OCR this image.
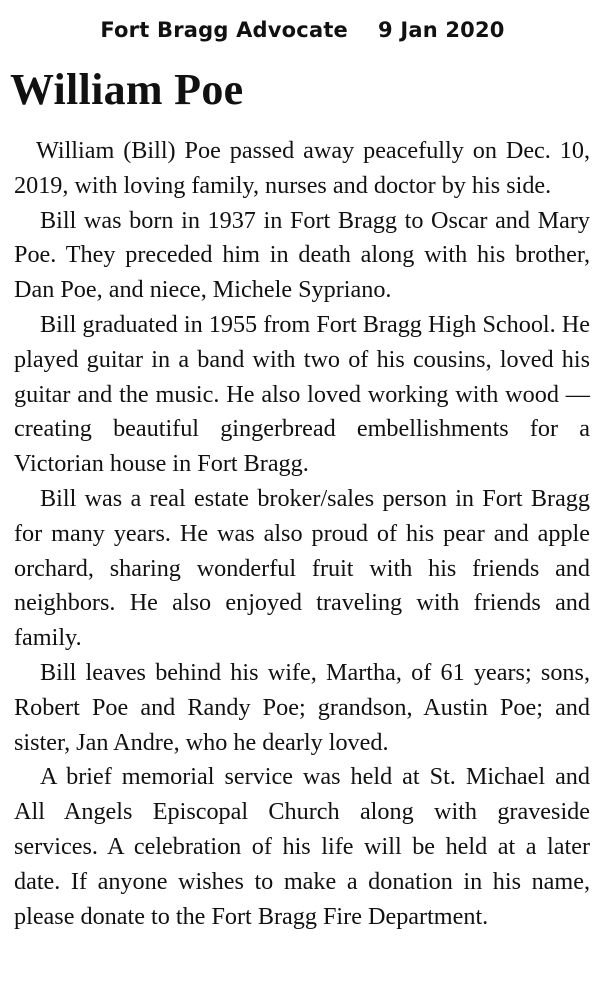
Fort Bragg Advocate 9 Jan 2020
William Poe

William (Bill) Poe passed away peacefully on Dec. 10, 2019, with loving family, nurses and doctor by his side.

Bill was born in 1937 in Fort Bragg to Oscar and Mary Poe. They preceded him in death along with his brother, Dan Poe, and niece, Michele Sypriano.

Bill graduated in 1955 from Fort Bragg High School. He played guitar in a band with two of his cousins, loved his guitar and the music. He also loved working with wood — creating beautiful gingerbread embellishments for a Victorian house in Fort Bragg.

Bill was a real estate broker/sales person in Fort Bragg for many years. He was also proud of his pear and apple orchard, sharing wonderful fruit with his friends and neighbors. He also enjoyed traveling with friends and family.

Bill leaves behind his wife, Martha, of 61 years; sons, Robert Poe and Randy Poe; grandson, Austin Poe; and sister, Jan Andre, who he dearly loved.

A brief memorial service was held at St. Michael and All Angels Episcopal Church along with graveside services. A celebration of his life will be held at a later date. If anyone wishes to make a donation in his name, please donate to the Fort Bragg Fire Department.
